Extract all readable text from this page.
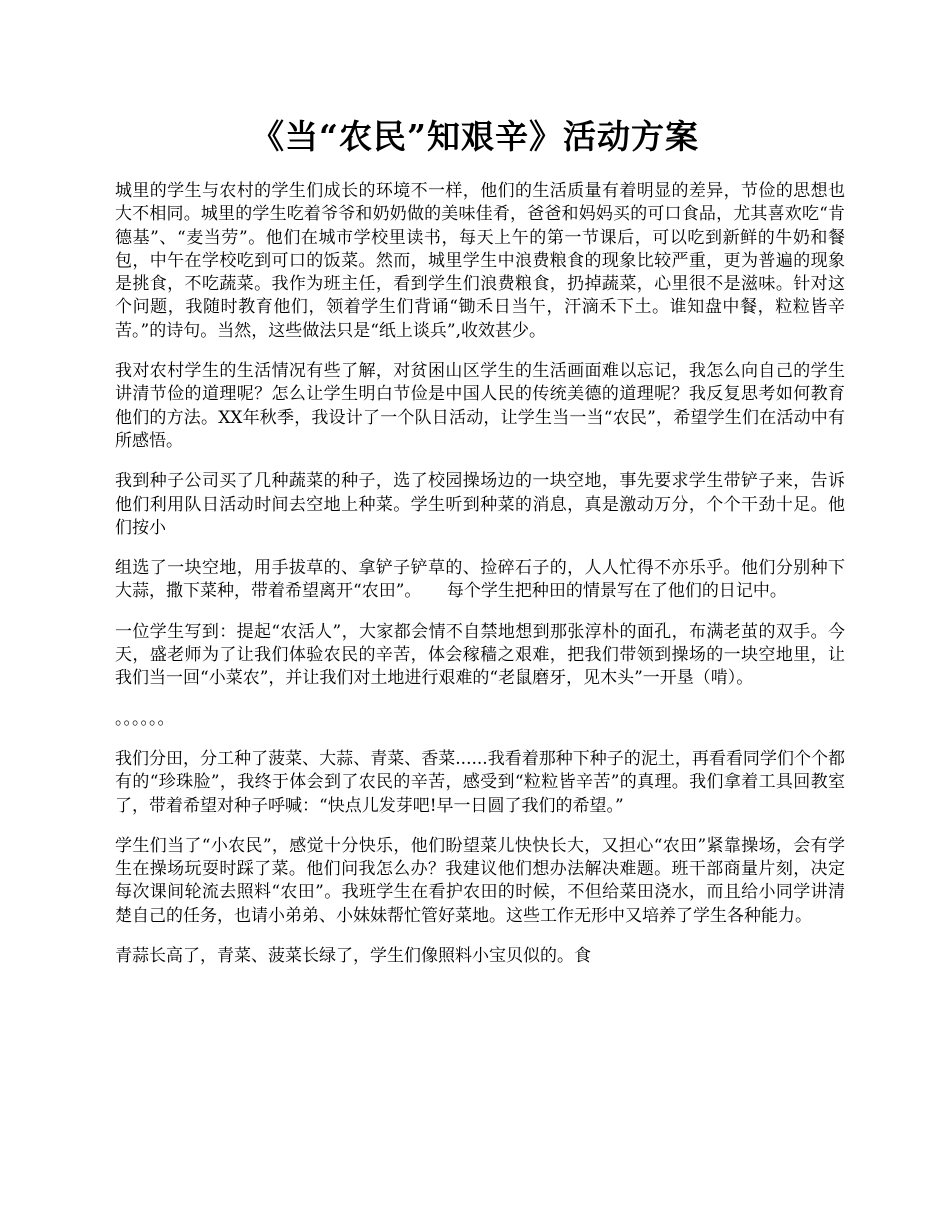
《当“农民”知艰辛》活动方案

城里的学生与农村的学生们成长的环境不一样，他们的生活质量有着明显的差异，节俭的思想也大不相同。城里的学生吃着爷爷和奶奶做的美味佳肴，爸爸和妈妈买的可口食品，尤其喜欢吃“肯德基”、“麦当劳”。他们在城市学校里读书，每天上午的第一节课后，可以吃到新鲜的牛奶和餐包，中午在学校吃到可口的饭菜。然而，城里学生中浪费粮食的现象比较严重，更为普遍的现象是挑食，不吃蔬菜。我作为班主任，看到学生们浪费粮食，扔掉蔬菜，心里很不是滋味。针对这个问题，我随时教育他们，领着学生们背诵“锄禾日当午，汗滴禾下土。谁知盘中餐，粒粒皆辛苦。”的诗句。当然，这些做法只是“纸上谈兵”,收效甚少。

我对农村学生的生活情况有些了解，对贫困山区学生的生活画面难以忘记，我怎么向自己的学生讲清节俭的道理呢？怎么让学生明白节俭是中国人民的传统美德的道理呢？我反复思考如何教育他们的方法。XX年秋季，我设计了一个队日活动，让学生当一当“农民”，希望学生们在活动中有所感悟。

我到种子公司买了几种蔬菜的种子，选了校园操场边的一块空地，事先要求学生带铲子来，告诉他们利用队日活动时间去空地上种菜。学生听到种菜的消息，真是激动万分，个个干劲十足。他们按小

组选了一块空地，用手拔草的、拿铲子铲草的、捡碎石子的，人人忙得不亦乐乎。他们分别种下大蒜，撒下菜种，带着希望离开“农田”。　　每个学生把种田的情景写在了他们的日记中。

一位学生写到：提起“农活人”，大家都会情不自禁地想到那张淳朴的面孔，布满老茧的双手。今天，盛老师为了让我们体验农民的辛苦，体会稼穑之艰难，把我们带领到操场的一块空地里，让我们当一回“小菜农”，并让我们对土地进行艰难的“老鼠磨牙，见木头”一开垦（啃）。

。。。。。。

我们分田，分工种了菠菜、大蒜、青菜、香菜......我看着那种下种子的泥土，再看看同学们个个都有的“珍珠脸”，我终于体会到了农民的辛苦，感受到“粒粒皆辛苦”的真理。我们拿着工具回教室了，带着希望对种子呼喊：“快点儿发芽吧!早一日圆了我们的希望。”

学生们当了“小农民”，感觉十分快乐，他们盼望菜儿快快长大，又担心“农田”紧靠操场，会有学生在操场玩耍时踩了菜。他们问我怎么办？我建议他们想办法解决难题。班干部商量片刻，决定每次课间轮流去照料“农田”。我班学生在看护农田的时候，不但给菜田浇水，而且给小同学讲清楚自己的任务，也请小弟弟、小妹妹帮忙管好菜地。这些工作无形中又培养了学生各种能力。

青蒜长高了，青菜、菠菜长绿了，学生们像照料小宝贝似的。食
